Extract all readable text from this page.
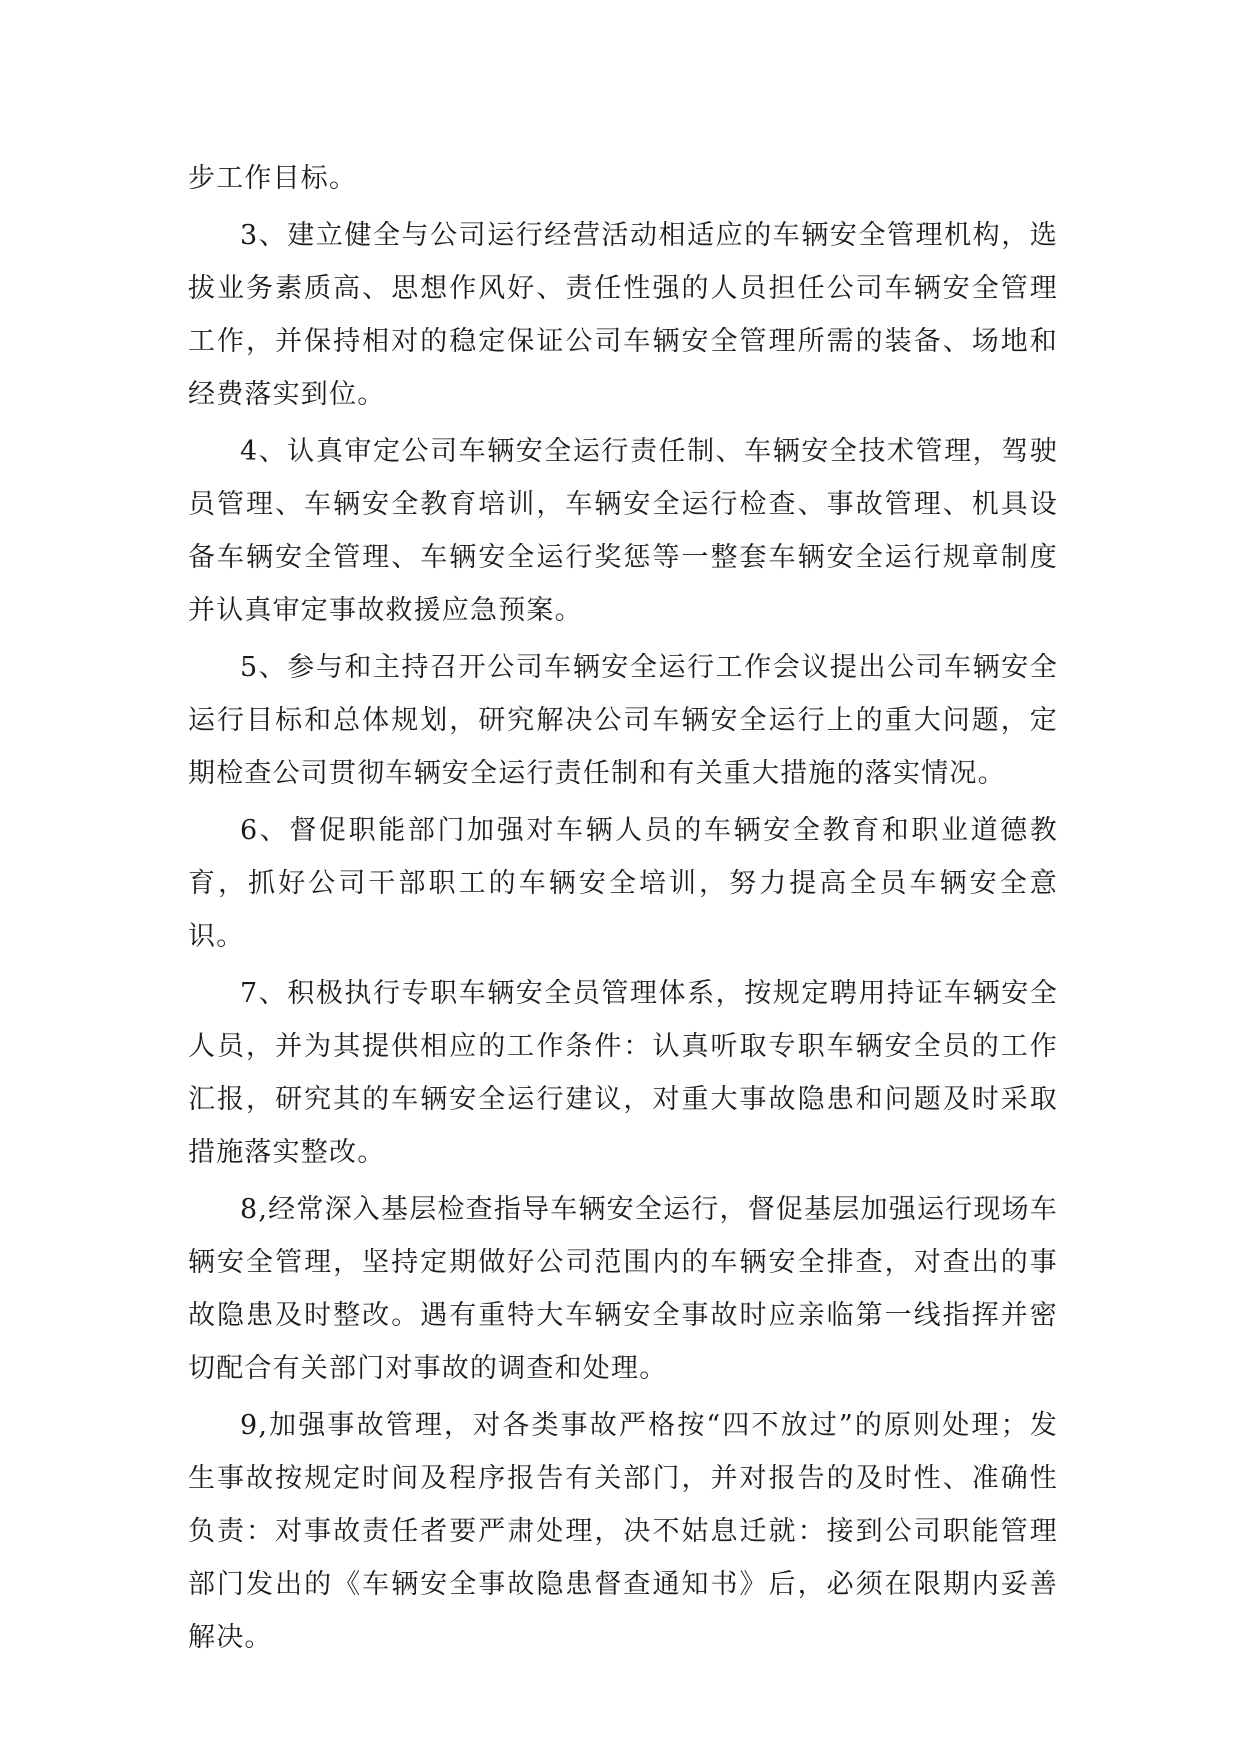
步工作目标。

3、建立健全与公司运行经营活动相适应的车辆安全管理机构，选拔业务素质高、思想作风好、责任性强的人员担任公司车辆安全管理工作，并保持相对的稳定保证公司车辆安全管理所需的装备、场地和经费落实到位。

4、认真审定公司车辆安全运行责任制、车辆安全技术管理，驾驶员管理、车辆安全教育培训，车辆安全运行检查、事故管理、机具设备车辆安全管理、车辆安全运行奖惩等一整套车辆安全运行规章制度并认真审定事故救援应急预案。

5、参与和主持召开公司车辆安全运行工作会议提出公司车辆安全运行目标和总体规划，研究解决公司车辆安全运行上的重大问题，定期检查公司贯彻车辆安全运行责任制和有关重大措施的落实情况。

6、督促职能部门加强对车辆人员的车辆安全教育和职业道德教育，抓好公司干部职工的车辆安全培训，努力提高全员车辆安全意识。

7、积极执行专职车辆安全员管理体系，按规定聘用持证车辆安全人员，并为其提供相应的工作条件：认真听取专职车辆安全员的工作汇报，研究其的车辆安全运行建议，对重大事故隐患和问题及时采取措施落实整改。

8,经常深入基层检查指导车辆安全运行，督促基层加强运行现场车辆安全管理，坚持定期做好公司范围内的车辆安全排查，对查出的事故隐患及时整改。遇有重特大车辆安全事故时应亲临第一线指挥并密切配合有关部门对事故的调查和处理。

9,加强事故管理，对各类事故严格按“四不放过”的原则处理；发生事故按规定时间及程序报告有关部门，并对报告的及时性、准确性负责：对事故责任者要严肃处理，决不姑息迁就：接到公司职能管理部门发出的《车辆安全事故隐患督查通知书》后，必须在限期内妥善解决。
